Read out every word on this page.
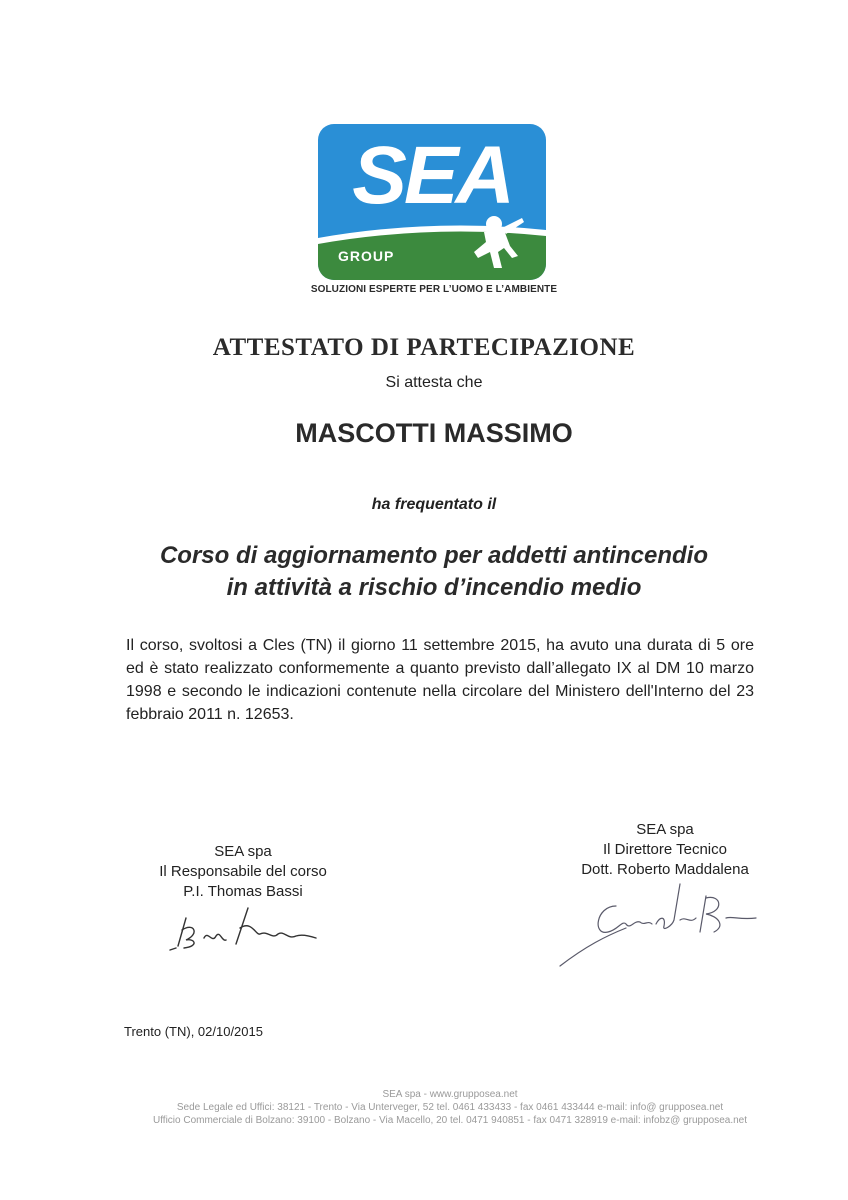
SEA
GROUP
SOLUZIONI ESPERTE PER L’UOMO E L’AMBIENTE
ATTESTATO DI PARTECIPAZIONE
Si attesta che
MASCOTTI MASSIMO
ha frequentato il
Corso di aggiornamento per addetti antincendio
in attività a rischio d’incendio medio
Il corso, svoltosi a Cles (TN) il giorno 11 settembre 2015, ha avuto una durata di 5 ore ed è stato realizzato conformemente a quanto previsto dall’allegato IX al DM 10 marzo 1998 e secondo le indicazioni contenute nella circolare del Ministero dell'Interno del 23 febbraio 2011 n. 12653.
SEA spa
Il Responsabile del corso
P.I. Thomas Bassi
SEA spa
Il Direttore Tecnico
Dott. Roberto Maddalena
Trento (TN), 02/10/2015
SEA spa - www.grupposea.net
Sede Legale ed Uffici: 38121 - Trento - Via Unterveger, 52 tel. 0461 433433 - fax 0461 433444 e-mail: info@ grupposea.net
Ufficio Commerciale di Bolzano: 39100 - Bolzano - Via Macello, 20 tel. 0471 940851 - fax 0471 328919 e-mail: infobz@ grupposea.net
